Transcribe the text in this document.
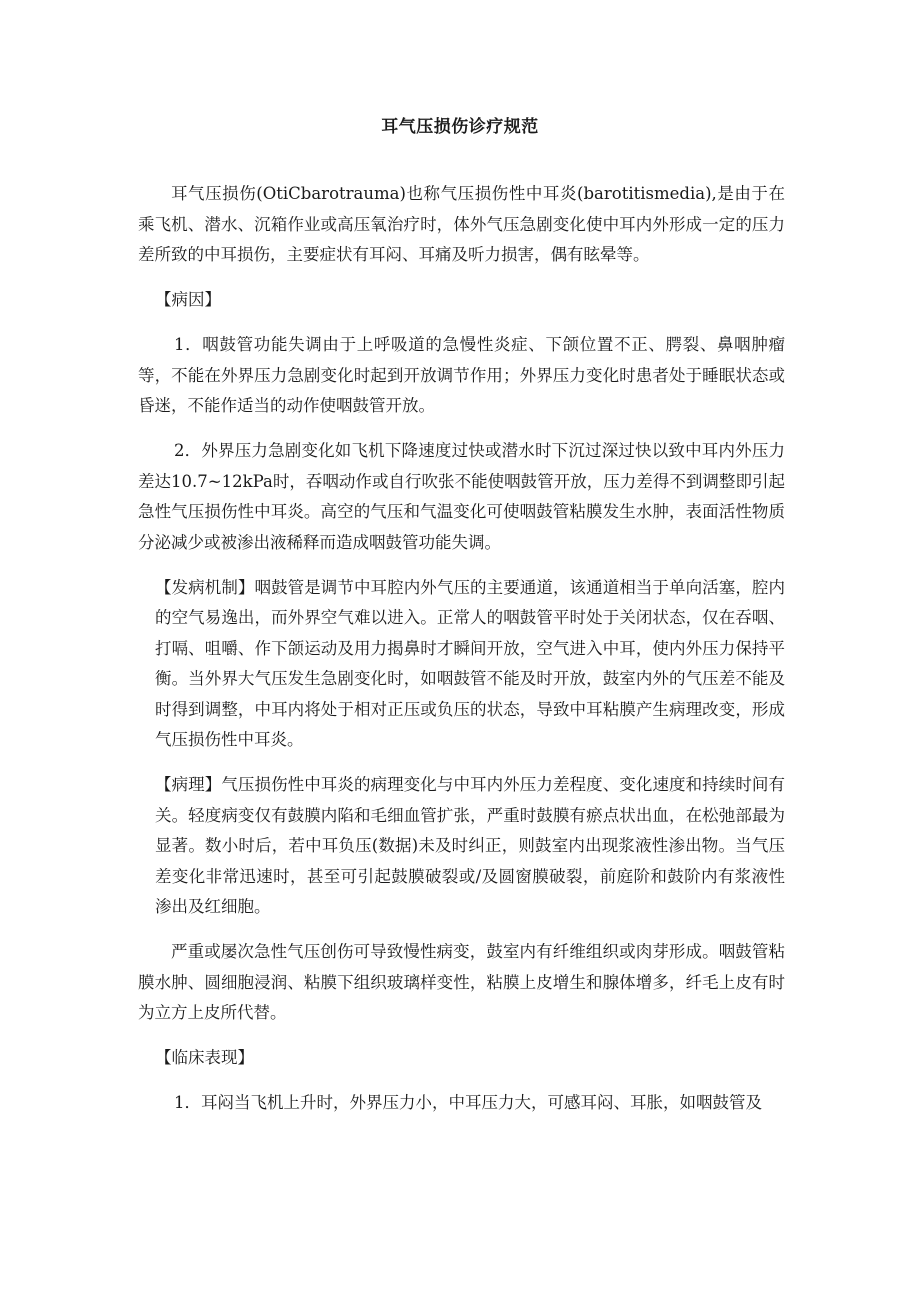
耳气压损伤诊疗规范

耳气压损伤(OtiCbarotrauma)也称气压损伤性中耳炎(barotitismedia),是由于在乘飞机、潜水、沉箱作业或高压氧治疗时，体外气压急剧变化使中耳内外形成一定的压力差所致的中耳损伤，主要症状有耳闷、耳痛及听力损害，偶有眩晕等。

【病因】

1．咽鼓管功能失调由于上呼吸道的急慢性炎症、下颌位置不正、腭裂、鼻咽肿瘤等，不能在外界压力急剧变化时起到开放调节作用；外界压力变化时患者处于睡眠状态或昏迷，不能作适当的动作使咽鼓管开放。

2．外界压力急剧变化如飞机下降速度过快或潜水时下沉过深过快以致中耳内外压力差达10.7~12kPa时，吞咽动作或自行吹张不能使咽鼓管开放，压力差得不到调整即引起急性气压损伤性中耳炎。高空的气压和气温变化可使咽鼓管粘膜发生水肿，表面活性物质分泌减少或被渗出液稀释而造成咽鼓管功能失调。

【发病机制】咽鼓管是调节中耳腔内外气压的主要通道，该通道相当于单向活塞，腔内的空气易逸出，而外界空气难以进入。正常人的咽鼓管平时处于关闭状态，仅在吞咽、打嗝、咀嚼、作下颌运动及用力揭鼻时才瞬间开放，空气进入中耳，使内外压力保持平衡。当外界大气压发生急剧变化时，如咽鼓管不能及时开放，鼓室内外的气压差不能及时得到调整，中耳内将处于相对正压或负压的状态，导致中耳粘膜产生病理改变，形成气压损伤性中耳炎。

【病理】气压损伤性中耳炎的病理变化与中耳内外压力差程度、变化速度和持续时间有关。轻度病变仅有鼓膜内陷和毛细血管扩张，严重时鼓膜有瘀点状出血，在松弛部最为显著。数小时后，若中耳负压(数据)未及时纠正，则鼓室内出现浆液性渗出物。当气压差变化非常迅速时，甚至可引起鼓膜破裂或/及圆窗膜破裂，前庭阶和鼓阶内有浆液性渗出及红细胞。

严重或屡次急性气压创伤可导致慢性病变，鼓室内有纤维组织或肉芽形成。咽鼓管粘膜水肿、圆细胞浸润、粘膜下组织玻璃样变性，粘膜上皮增生和腺体增多，纤毛上皮有时为立方上皮所代替。

【临床表现】

1．耳闷当飞机上升时，外界压力小，中耳压力大，可感耳闷、耳胀，如咽鼓管及
